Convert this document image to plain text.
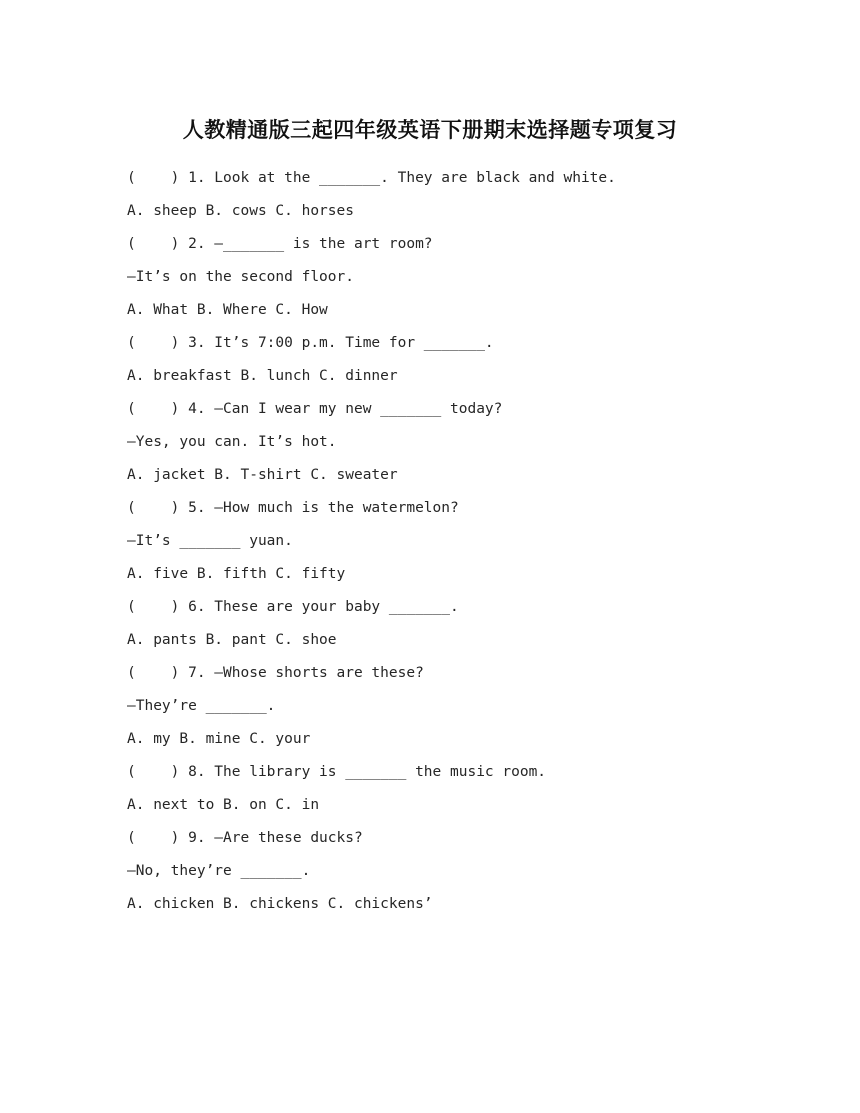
人教精通版三起四年级英语下册期末选择题专项复习
(    ) 1. Look at the _______. They are black and white.
A. sheep B. cows C. horses
(    ) 2. —_______ is the art room?
—It’s on the second floor.
A. What B. Where C. How
(    ) 3. It’s 7:00 p.m. Time for _______.
A. breakfast B. lunch C. dinner
(    ) 4. —Can I wear my new _______ today?
—Yes, you can. It’s hot.
A. jacket B. T-shirt C. sweater
(    ) 5. —How much is the watermelon?
—It’s _______ yuan.
A. five B. fifth C. fifty
(    ) 6. These are your baby _______.
A. pants B. pant C. shoe
(    ) 7. —Whose shorts are these?
—They’re _______.
A. my B. mine C. your
(    ) 8. The library is _______ the music room.
A. next to B. on C. in
(    ) 9. —Are these ducks?
—No, they’re _______.
A. chicken B. chickens C. chickens’
